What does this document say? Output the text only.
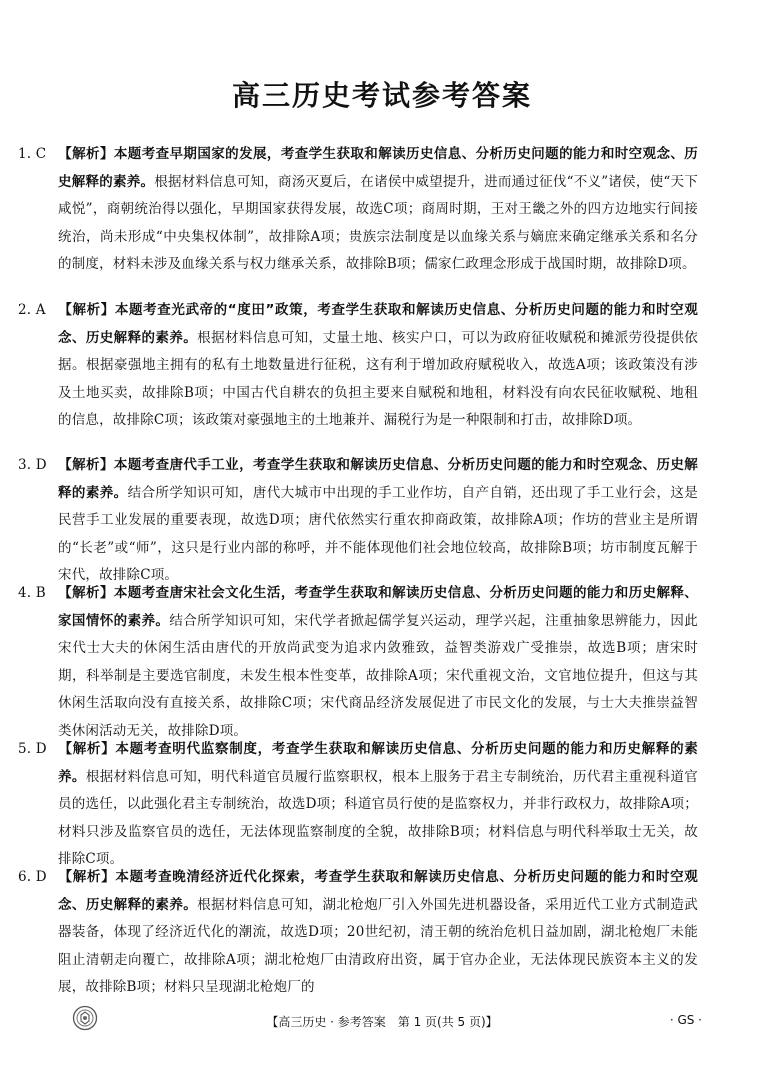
高三历史考试参考答案
1. C 【解析】本题考查早期国家的发展，考查学生获取和解读历史信息、分析历史问题的能力和时空观念、历史解释的素养。根据材料信息可知，商汤灭夏后，在诸侯中威望提升，进而通过征伐“不义”诸侯，使“天下咸悦”，商朝统治得以强化，早期国家获得发展，故选C项；商周时期，王对王畿之外的四方边地实行间接统治，尚未形成“中央集权体制”，故排除A项；贵族宗法制度是以血缘关系与嫡庶来确定继承关系和名分的制度，材料未涉及血缘关系与权力继承关系，故排除B项；儒家仁政理念形成于战国时期，故排除D项。
2. A 【解析】本题考查光武帝的“度田”政策，考查学生获取和解读历史信息、分析历史问题的能力和时空观念、历史解释的素养。根据材料信息可知，丈量土地、核实户口，可以为政府征收赋税和摊派劳役提供依据。根据豪强地主拥有的私有土地数量进行征税，这有利于增加政府赋税收入，故选A项；该政策没有涉及土地买卖，故排除B项；中国古代自耕农的负担主要来自赋税和地租，材料没有向农民征收赋税、地租的信息，故排除C项；该政策对豪强地主的土地兼并、漏税行为是一种限制和打击，故排除D项。
3. D 【解析】本题考查唐代手工业，考查学生获取和解读历史信息、分析历史问题的能力和时空观念、历史解释的素养。结合所学知识可知，唐代大城市中出现的手工业作坊，自产自销，还出现了手工业行会，这是民营手工业发展的重要表现，故选D项；唐代依然实行重农抑商政策，故排除A项；作坊的营业主是所谓的“长老”或“师”，这只是行业内部的称呼，并不能体现他们社会地位较高，故排除B项；坊市制度瓦解于宋代，故排除C项。
4. B 【解析】本题考查唐宋社会文化生活，考查学生获取和解读历史信息、分析历史问题的能力和历史解释、家国情怀的素养。结合所学知识可知，宋代学者掀起儒学复兴运动，理学兴起，注重抽象思辨能力，因此宋代士大夫的休闲生活由唐代的开放尚武变为追求内敛雅致，益智类游戏广受推崇，故选B项；唐宋时期，科举制是主要选官制度，未发生根本性变革，故排除A项；宋代重视文治，文官地位提升，但这与其休闲生活取向没有直接关系，故排除C项；宋代商品经济发展促进了市民文化的发展，与士大夫推崇益智类休闲活动无关，故排除D项。
5. D 【解析】本题考查明代监察制度，考查学生获取和解读历史信息、分析历史问题的能力和历史解释的素养。根据材料信息可知，明代科道官员履行监察职权，根本上服务于君主专制统治，历代君主重视科道官员的选任，以此强化君主专制统治，故选D项；科道官员行使的是监察权力，并非行政权力，故排除A项；材料只涉及监察官员的选任，无法体现监察制度的全貌，故排除B项；材料信息与明代科举取士无关，故排除C项。
6. D 【解析】本题考查晚清经济近代化探索，考查学生获取和解读历史信息、分析历史问题的能力和时空观念、历史解释的素养。根据材料信息可知，湖北枪炮厂引入外国先进机器设备，采用近代工业方式制造武器装备，体现了经济近代化的潮流，故选D项；20世纪初，清王朝的统治危机日益加剧，湖北枪炮厂未能阻止清朝走向覆亡，故排除A项；湖北枪炮厂由清政府出资，属于官办企业，无法体现民族资本主义的发展，故排除B项；材料只呈现湖北枪炮厂的
【高三历史 · 参考答案　第 1 页(共 5 页)】	· GS ·
